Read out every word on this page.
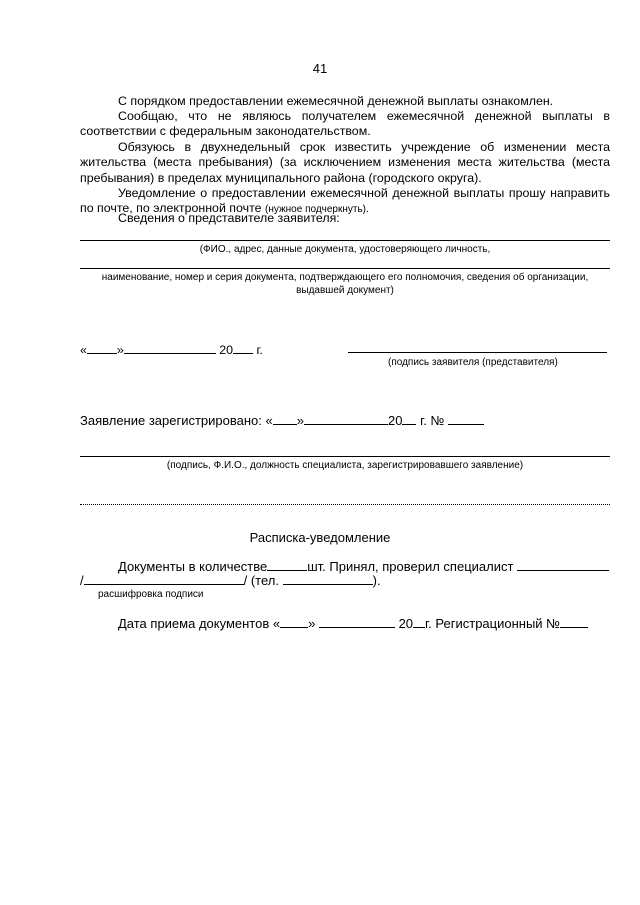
41
С порядком предоставлении ежемесячной денежной выплаты ознакомлен.
Сообщаю, что не являюсь получателем ежемесячной денежной выплаты в соответствии с федеральным законодательством.
Обязуюсь в двухнедельный срок известить учреждение об изменении места жительства (места пребывания) (за исключением изменения места жительства (места пребывания) в пределах муниципального района (городского округа).
Уведомление о предоставлении ежемесячной денежной выплаты прошу направить по почте, по электронной почте (нужное подчеркнуть).
Сведения о представителе заявителя:
(ФИО., адрес, данные документа, удостоверяющего личность,
наименование, номер и серия документа, подтверждающего его полномочия, сведения об организации, выдавшей документ)
« »	20 г.
(подпись заявителя (представителя)
Заявление зарегистрировано: « »	20 г. №
(подпись, Ф.И.О., должность специалиста, зарегистрировавшего заявление)
Расписка-уведомление
Документы в количестве	шт. Принял, проверил специалист
/	/ (тел.	).
расшифровка подписи
Дата приема документов « »	20 г. Регистрационный №
